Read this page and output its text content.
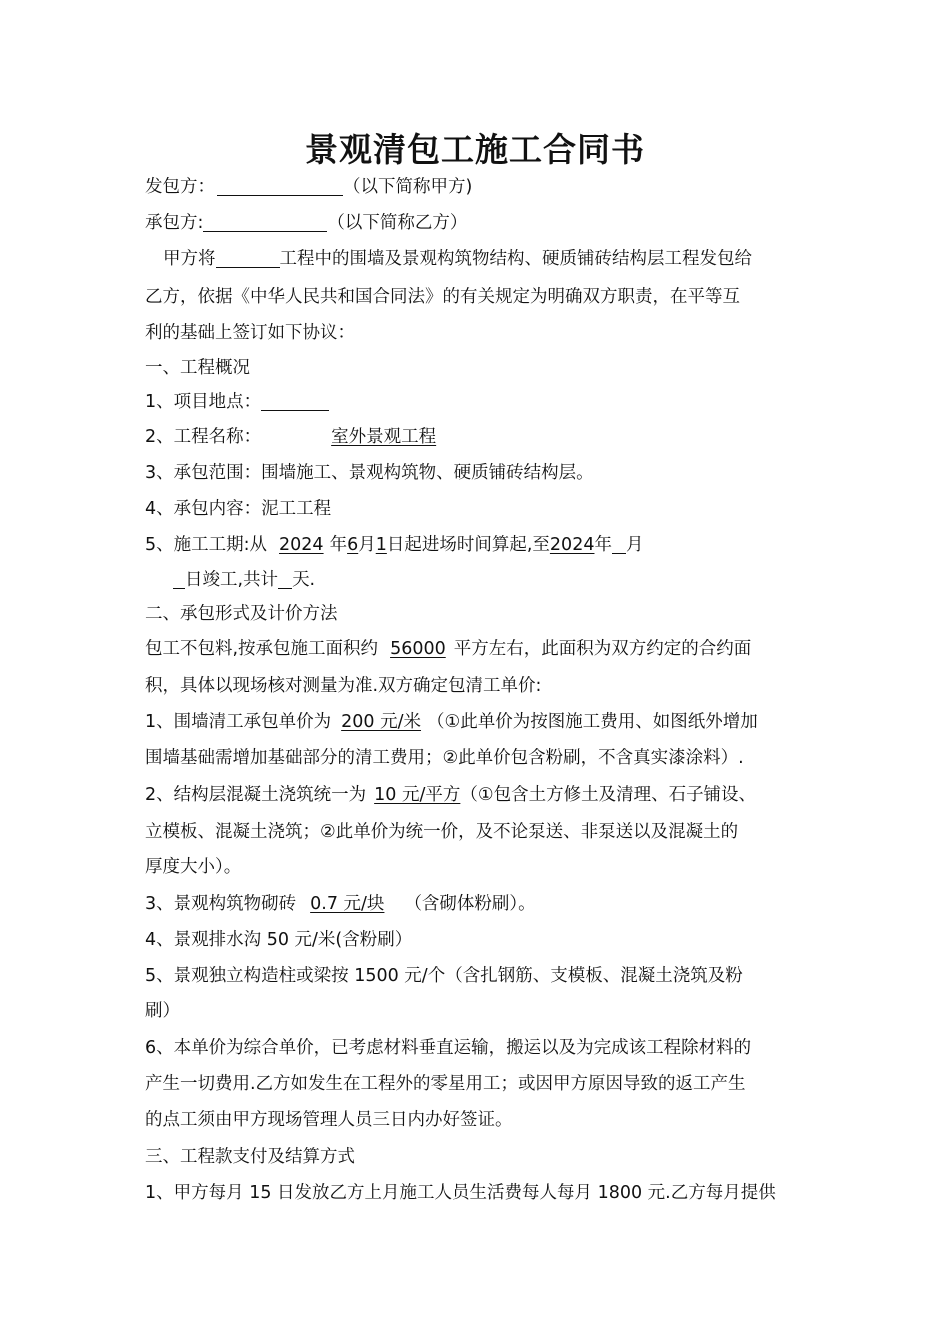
景观清包工施工合同书
发包方：	（以下简称甲方)
承包方:	（以下简称乙方）
甲方将	工程中的围墙及景观构筑物结构、硬质铺砖结构层工程发包给
乙方，依据《中华人民共和国合同法》的有关规定为明确双方职责，在平等互
利的基础上签订如下协议：
一、工程概况
1、项目地点：
2、工程名称：	室外景观工程
3、承包范围：围墙施工、景观构筑物、硬质铺砖结构层。
4、承包内容：泥工工程
5、施工工期:从 2024 年6月1日起进场时间算起,至2024年 月
日竣工,共计 天.
二、承包形式及计价方法
包工不包料,按承包施工面积约 56000 平方左右，此面积为双方约定的合约面
积，具体以现场核对测量为准.双方确定包清工单价:
1、围墙清工承包单价为 200 元/米 （①此单价为按图施工费用、如图纸外增加
围墙基础需增加基础部分的清工费用；②此单价包含粉刷，不含真实漆涂料）.
2、结构层混凝土浇筑统一为 10 元/平方（①包含土方修土及清理、石子铺设、
立模板、混凝土浇筑；②此单价为统一价，及不论泵送、非泵送以及混凝土的
厚度大小）。
3、景观构筑物砌砖 0.7 元/块 （含砌体粉刷）。
4、景观排水沟 50 元/米(含粉刷）
5、景观独立构造柱或梁按 1500 元/个（含扎钢筋、支模板、混凝土浇筑及粉
刷）
6、本单价为综合单价，已考虑材料垂直运输，搬运以及为完成该工程除材料的
产生一切费用.乙方如发生在工程外的零星用工；或因甲方原因导致的返工产生
的点工须由甲方现场管理人员三日内办好签证。
三、工程款支付及结算方式
1、甲方每月 15 日发放乙方上月施工人员生活费每人每月 1800 元.乙方每月提供
